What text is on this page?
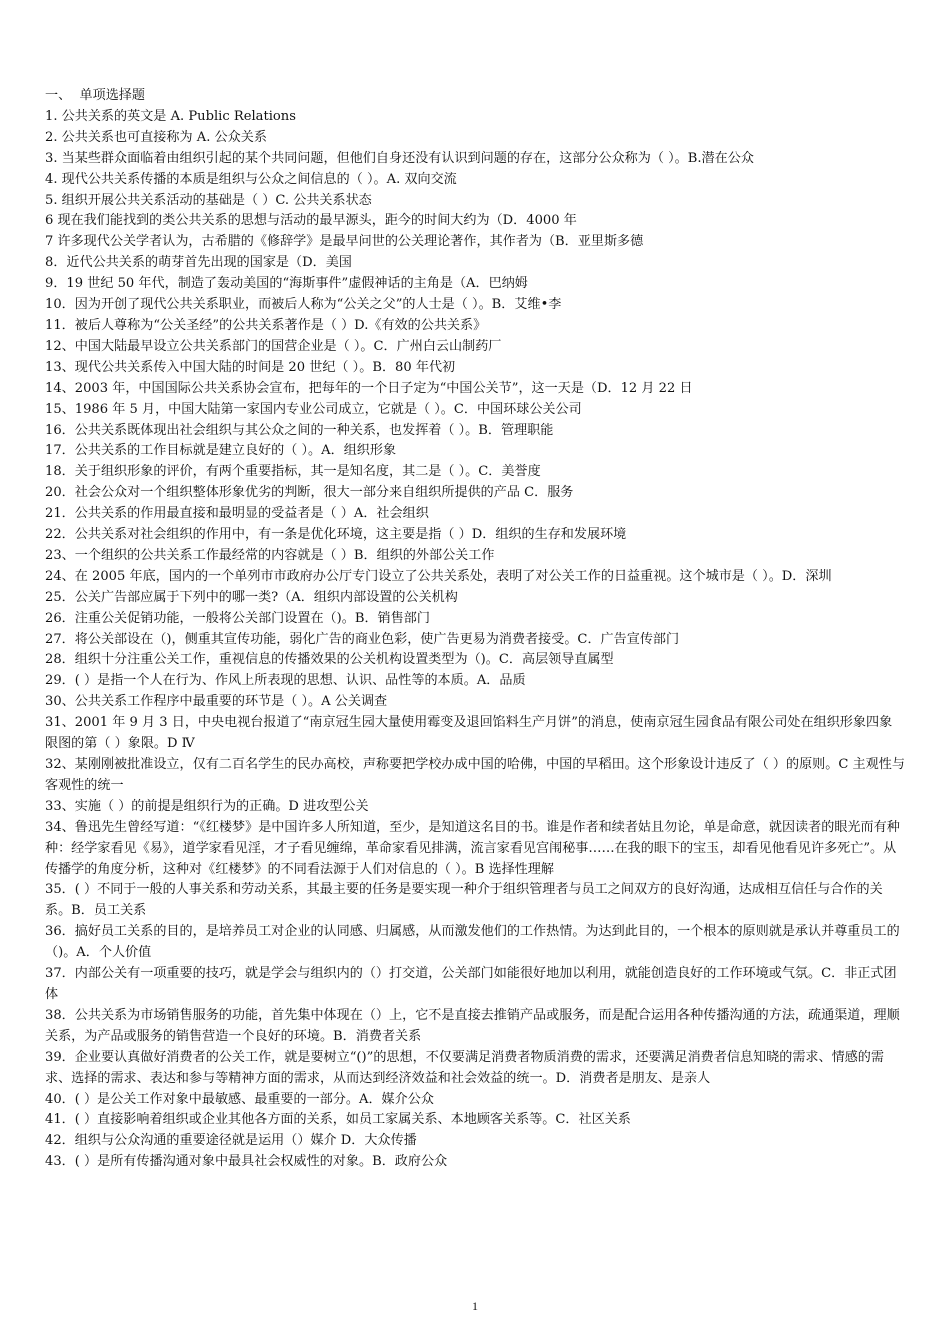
一、  单项选择题
1. 公共关系的英文是 A. Public Relations
2. 公共关系也可直接称为 A. 公众关系
3. 当某些群众面临着由组织引起的某个共同问题，但他们自身还没有认识到问题的存在，这部分公众称为（ ）。B.潜在公众
4. 现代公共关系传播的本质是组织与公众之间信息的（ ）。A. 双向交流
5. 组织开展公共关系活动的基础是（ ）C. 公共关系状态
6 现在我们能找到的类公共关系的思想与活动的最早源头，距今的时间大约为（D．4000 年
7 许多现代公关学者认为，古希腊的《修辞学》是最早问世的公关理论著作，其作者为（B．亚里斯多德
8．近代公共关系的萌芽首先出现的国家是（D．美国
9．19 世纪 50 年代，制造了轰动美国的“海斯事件”虚假神话的主角是（A．巴纳姆
10．因为开创了现代公共关系职业，而被后人称为“公关之父”的人士是（ ）。B．艾维•李
11．被后人尊称为“公关圣经”的公共关系著作是（ ）D.《有效的公共关系》
12、中国大陆最早设立公共关系部门的国营企业是（ ）。C．广州白云山制药厂
13、现代公共关系传入中国大陆的时间是 20 世纪（ ）。B．80 年代初
14、2003 年，中国国际公共关系协会宣布，把每年的一个日子定为“中国公关节”，这一天是（D．12 月 22 日
15、1986 年 5 月，中国大陆第一家国内专业公司成立，它就是（ ）。C．中国环球公关公司
16．公共关系既体现出社会组织与其公众之间的一种关系，也发挥着（ ）。B．管理职能
17．公共关系的工作目标就是建立良好的（ ）。A．组织形象
18．关于组织形象的评价，有两个重要指标，其一是知名度，其二是（ ）。C．美誉度
20．社会公众对一个组织整体形象优劣的判断，很大一部分来自组织所提供的产品 C．服务
21．公共关系的作用最直接和最明显的受益者是（ ）A．社会组织
22．公共关系对社会组织的作用中，有一条是优化环境，这主要是指（ ）D．组织的生存和发展环境
23、一个组织的公共关系工作最经常的内容就是（ ）B．组织的外部公关工作
24、在 2005 年底，国内的一个单列市市政府办公厅专门设立了公共关系处，表明了对公关工作的日益重视。这个城市是（ ）。D．深圳
25．公关广告部应属于下列中的哪一类?（A．组织内部设置的公关机构
26．注重公关促销功能，一般将公关部门设置在（)。B．销售部门
27．将公关部设在（)，侧重其宣传功能，弱化广告的商业色彩，使广告更易为消费者接受。C．广告宣传部门
28．组织十分注重公关工作，重视信息的传播效果的公关机构设置类型为（)。C．高层领导直属型
29．( ）是指一个人在行为、作风上所表现的思想、认识、品性等的本质。A．品质
30、公共关系工作程序中最重要的环节是（ ）。A 公关调查
31、2001 年 9 月 3 日，中央电视台报道了“南京冠生园大量使用霉变及退回馅料生产月饼”的消息，使南京冠生园食品有限公司处在组织形象四象限图的第（ ）象限。D Ⅳ
32、某刚刚被批准设立，仅有二百名学生的民办高校，声称要把学校办成中国的哈佛，中国的早稻田。这个形象设计违反了（ ）的原则。C 主观性与客观性的统一
33、实施（ ）的前提是组织行为的正确。D 进攻型公关
34、鲁迅先生曾经写道：“《红楼梦》是中国许多人所知道，至少，是知道这名目的书。谁是作者和续者姑且勿论，单是命意，就因读者的眼光而有种种：经学家看见《易》，道学家看见淫，才子看见缠绵，革命家看见排满，流言家看见宫闱秘事……在我的眼下的宝玉，却看见他看见许多死亡”。从传播学的角度分析，这种对《红楼梦》的不同看法源于人们对信息的（ ）。B 选择性理解
35．( ）不同于一般的人事关系和劳动关系，其最主要的任务是要实现一种介于组织管理者与员工之间双方的良好沟通，达成相互信任与合作的关系。B．员工关系
36．搞好员工关系的目的，是培养员工对企业的认同感、归属感，从而激发他们的工作热情。为达到此目的，一个根本的原则就是承认并尊重员工的（)。A．个人价值
37．内部公关有一项重要的技巧，就是学会与组织内的（）打交道，公关部门如能很好地加以利用，就能创造良好的工作环境或气氛。C．非正式团体
38．公共关系为市场销售服务的功能，首先集中体现在（）上，它不是直接去推销产品或服务，而是配合运用各种传播沟通的方法，疏通渠道，理顺关系，为产品或服务的销售营造一个良好的环境。B．消费者关系
39．企业要认真做好消费者的公关工作，就是要树立“()”的思想，不仅要满足消费者物质消费的需求，还要满足消费者信息知晓的需求、情感的需求、选择的需求、表达和参与等精神方面的需求，从而达到经济效益和社会效益的统一。D．消费者是朋友、是亲人
40．( ）是公关工作对象中最敏感、最重要的一部分。A．媒介公众
41．( ）直接影响着组织或企业其他各方面的关系，如员工家属关系、本地顾客关系等。C．社区关系
42．组织与公众沟通的重要途径就是运用（）媒介 D．大众传播
43．( ）是所有传播沟通对象中最具社会权威性的对象。B．政府公众
1
